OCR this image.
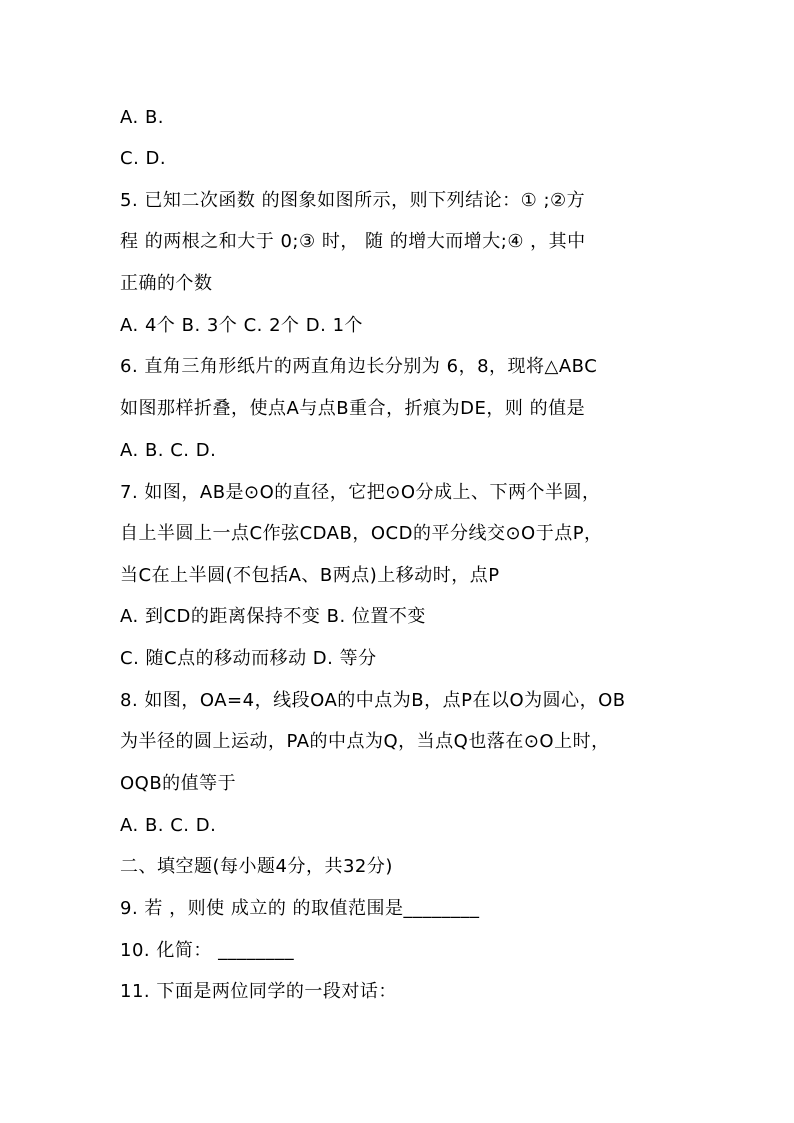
A. B.
C. D.
5. 已知二次函数 的图象如图所示，则下列结论：① ;②方
程 的两根之和大于 0;③ 时， 随 的增大而增大;④ ，其中
正确的个数
A. 4个 B. 3个 C. 2个 D. 1个
6. 直角三角形纸片的两直角边长分别为 6，8，现将△ABC
如图那样折叠，使点A与点B重合，折痕为DE，则 的值是
A. B. C. D.
7. 如图，AB是⊙O的直径，它把⊙O分成上、下两个半圆，
自上半圆上一点C作弦CDAB，OCD的平分线交⊙O于点P，
当C在上半圆(不包括A、B两点)上移动时，点P
A. 到CD的距离保持不变 B. 位置不变
C. 随C点的移动而移动 D. 等分
8. 如图，OA=4，线段OA的中点为B，点P在以O为圆心，OB
为半径的圆上运动，PA的中点为Q，当点Q也落在⊙O上时，
OQB的值等于
A. B. C. D.
二、填空题(每小题4分，共32分)
9. 若 ，则使 成立的 的取值范围是________
10. 化简： ________
11. 下面是两位同学的一段对话：
